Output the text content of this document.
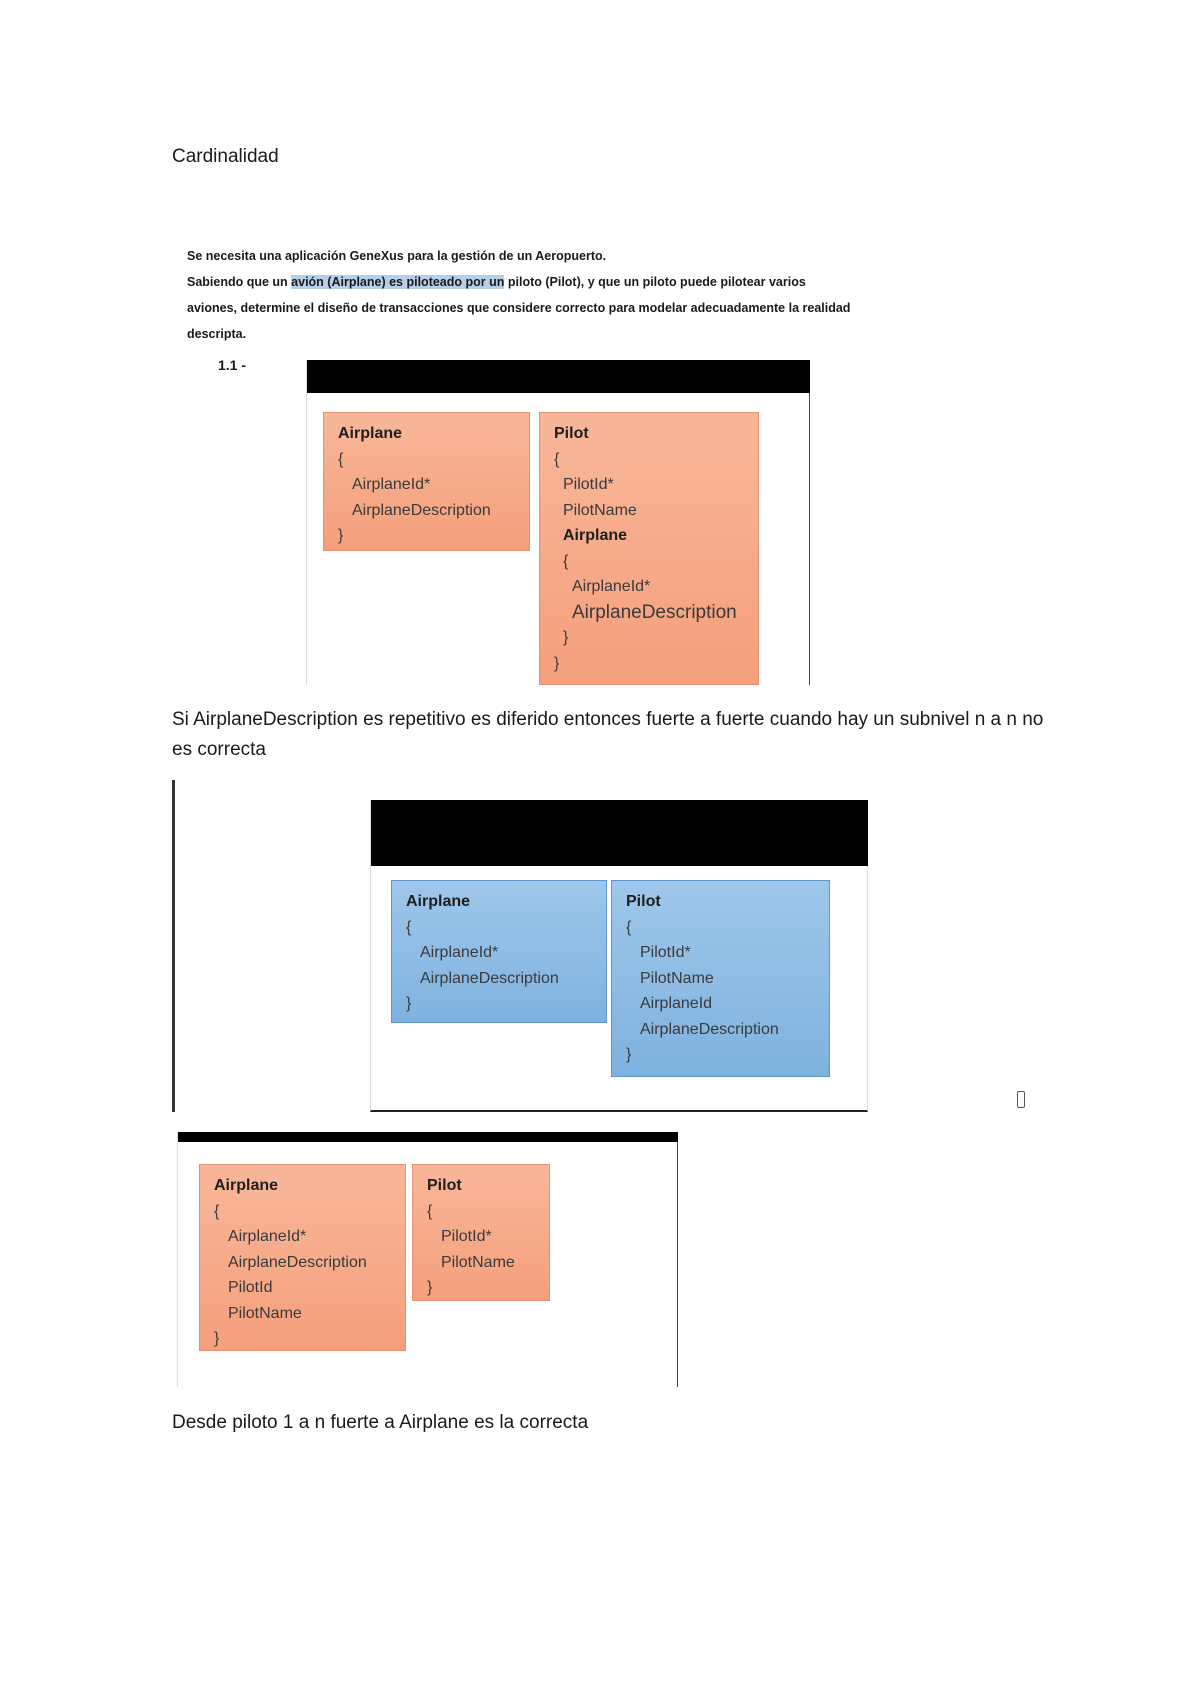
Cardinalidad
Se necesita una aplicación GeneXus para la gestión de un Aeropuerto.
Sabiendo que un avión (Airplane) es piloteado por un piloto (Pilot), y que un piloto puede pilotear varios
aviones, determine el diseño de transacciones que considere correcto para modelar adecuadamente la realidad
descripta.
1.1 -
Airplane
{
AirplaneId*
AirplaneDescription
}
Pilot
{
PilotId*
PilotName
Airplane
{
AirplaneId*
AirplaneDescription
}
}
Si AirplaneDescription es repetitivo es diferido entonces fuerte a fuerte cuando hay un subnivel n a n no es correcta
Airplane
{
AirplaneId*
AirplaneDescription
}
Pilot
{
PilotId*
PilotName
AirplaneId
AirplaneDescription
}
Airplane
{
AirplaneId*
AirplaneDescription
PilotId
PilotName
}
Pilot
{
PilotId*
PilotName
}
Desde piloto 1 a n fuerte a Airplane es la correcta
